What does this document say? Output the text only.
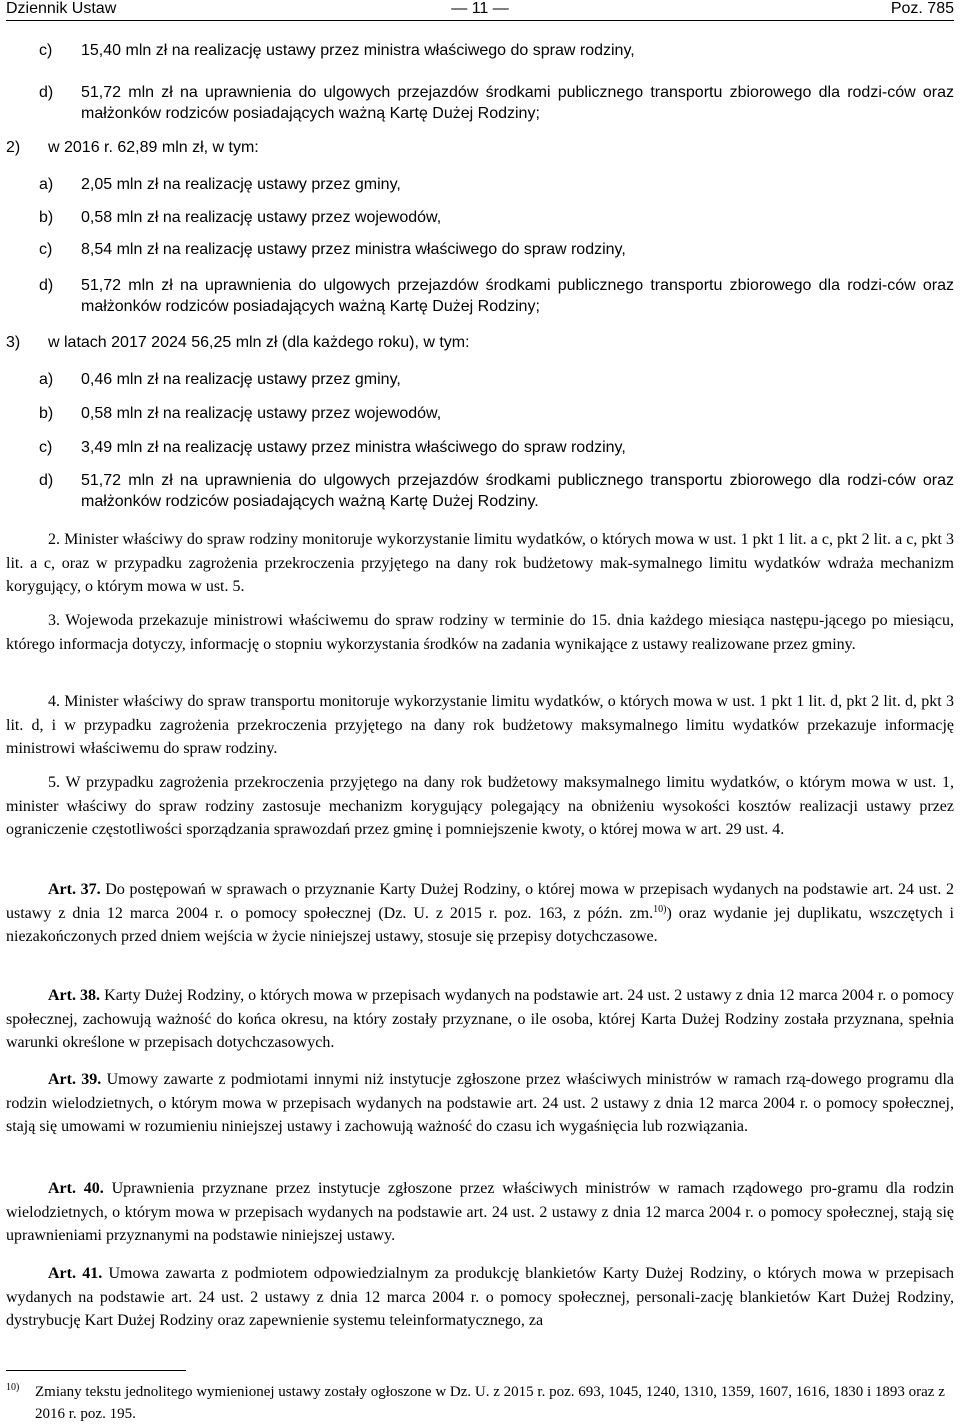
Dziennik Ustaw	— 11 —	Poz. 785
c) 15,40 mln zł na realizację ustawy przez ministra właściwego do spraw rodziny,
d) 51,72 mln zł na uprawnienia do ulgowych przejazdów środkami publicznego transportu zbiorowego dla rodzi-ców oraz małżonków rodziców posiadających ważną Kartę Dużej Rodziny;
2) w 2016 r. 62,89 mln zł, w tym:
a) 2,05 mln zł na realizację ustawy przez gminy,
b) 0,58 mln zł na realizację ustawy przez wojewodów,
c) 8,54 mln zł na realizację ustawy przez ministra właściwego do spraw rodziny,
d) 51,72 mln zł na uprawnienia do ulgowych przejazdów środkami publicznego transportu zbiorowego dla rodzi-ców oraz małżonków rodziców posiadających ważną Kartę Dużej Rodziny;
3) w latach 2017 2024 56,25 mln zł (dla każdego roku), w tym:
a) 0,46 mln zł na realizację ustawy przez gminy,
b) 0,58 mln zł na realizację ustawy przez wojewodów,
c) 3,49 mln zł na realizację ustawy przez ministra właściwego do spraw rodziny,
d) 51,72 mln zł na uprawnienia do ulgowych przejazdów środkami publicznego transportu zbiorowego dla rodzi-ców oraz małżonków rodziców posiadających ważną Kartę Dużej Rodziny.
2. Minister właściwy do spraw rodziny monitoruje wykorzystanie limitu wydatków, o których mowa w ust. 1 pkt 1 lit. a c, pkt 2 lit. a c, pkt 3 lit. a c, oraz w przypadku zagrożenia przekroczenia przyjętego na dany rok budżetowy mak-symalnego limitu wydatków wdraża mechanizm korygujący, o którym mowa w ust. 5.
3. Wojewoda przekazuje ministrowi właściwemu do spraw rodziny w terminie do 15. dnia każdego miesiąca następu-jącego po miesiącu, którego informacja dotyczy, informację o stopniu wykorzystania środków na zadania wynikające z ustawy realizowane przez gminy.
4. Minister właściwy do spraw transportu monitoruje wykorzystanie limitu wydatków, o których mowa w ust. 1 pkt 1 lit. d, pkt 2 lit. d, pkt 3 lit. d, i w przypadku zagrożenia przekroczenia przyjętego na dany rok budżetowy maksymalnego limitu wydatków przekazuje informację ministrowi właściwemu do spraw rodziny.
5. W przypadku zagrożenia przekroczenia przyjętego na dany rok budżetowy maksymalnego limitu wydatków, o którym mowa w ust. 1, minister właściwy do spraw rodziny zastosuje mechanizm korygujący polegający na obniżeniu wysokości kosztów realizacji ustawy przez ograniczenie częstotliwości sporządzania sprawozdań przez gminę i pomniejszenie kwoty, o której mowa w art. 29 ust. 4.
Art. 37. Do postępowań w sprawach o przyznanie Karty Dużej Rodziny, o której mowa w przepisach wydanych na podstawie art. 24 ust. 2 ustawy z dnia 12 marca 2004 r. o pomocy społecznej (Dz. U. z 2015 r. poz. 163, z późn. zm.$^{10)}$) oraz wydanie jej duplikatu, wszczętych i niezakończonych przed dniem wejścia w życie niniejszej ustawy, stosuje się przepisy dotychczasowe.
Art. 38. Karty Dużej Rodziny, o których mowa w przepisach wydanych na podstawie art. 24 ust. 2 ustawy z dnia 12 marca 2004 r. o pomocy społecznej, zachowują ważność do końca okresu, na który zostały przyznane, o ile osoba, której Karta Dużej Rodziny została przyznana, spełnia warunki określone w przepisach dotychczasowych.
Art. 39. Umowy zawarte z podmiotami innymi niż instytucje zgłoszone przez właściwych ministrów w ramach rzą-dowego programu dla rodzin wielodzietnych, o którym mowa w przepisach wydanych na podstawie art. 24 ust. 2 ustawy z dnia 12 marca 2004 r. o pomocy społecznej, stają się umowami w rozumieniu niniejszej ustawy i zachowują ważność do czasu ich wygaśnięcia lub rozwiązania.
Art. 40. Uprawnienia przyznane przez instytucje zgłoszone przez właściwych ministrów w ramach rządowego pro-gramu dla rodzin wielodzietnych, o którym mowa w przepisach wydanych na podstawie art. 24 ust. 2 ustawy z dnia 12 marca 2004 r. o pomocy społecznej, stają się uprawnieniami przyznanymi na podstawie niniejszej ustawy.
Art. 41. Umowa zawarta z podmiotem odpowiedzialnym za produkcję blankietów Karty Dużej Rodziny, o których mowa w przepisach wydanych na podstawie art. 24 ust. 2 ustawy z dnia 12 marca 2004 r. o pomocy społecznej, personali-zację blankietów Kart Dużej Rodziny, dystrybucję Kart Dużej Rodziny oraz zapewnienie systemu teleinformatycznego, za
10) Zmiany tekstu jednolitego wymienionej ustawy zostały ogłoszone w Dz. U. z 2015 r. poz. 693, 1045, 1240, 1310, 1359, 1607, 1616, 1830 i 1893 oraz z 2016 r. poz. 195.
